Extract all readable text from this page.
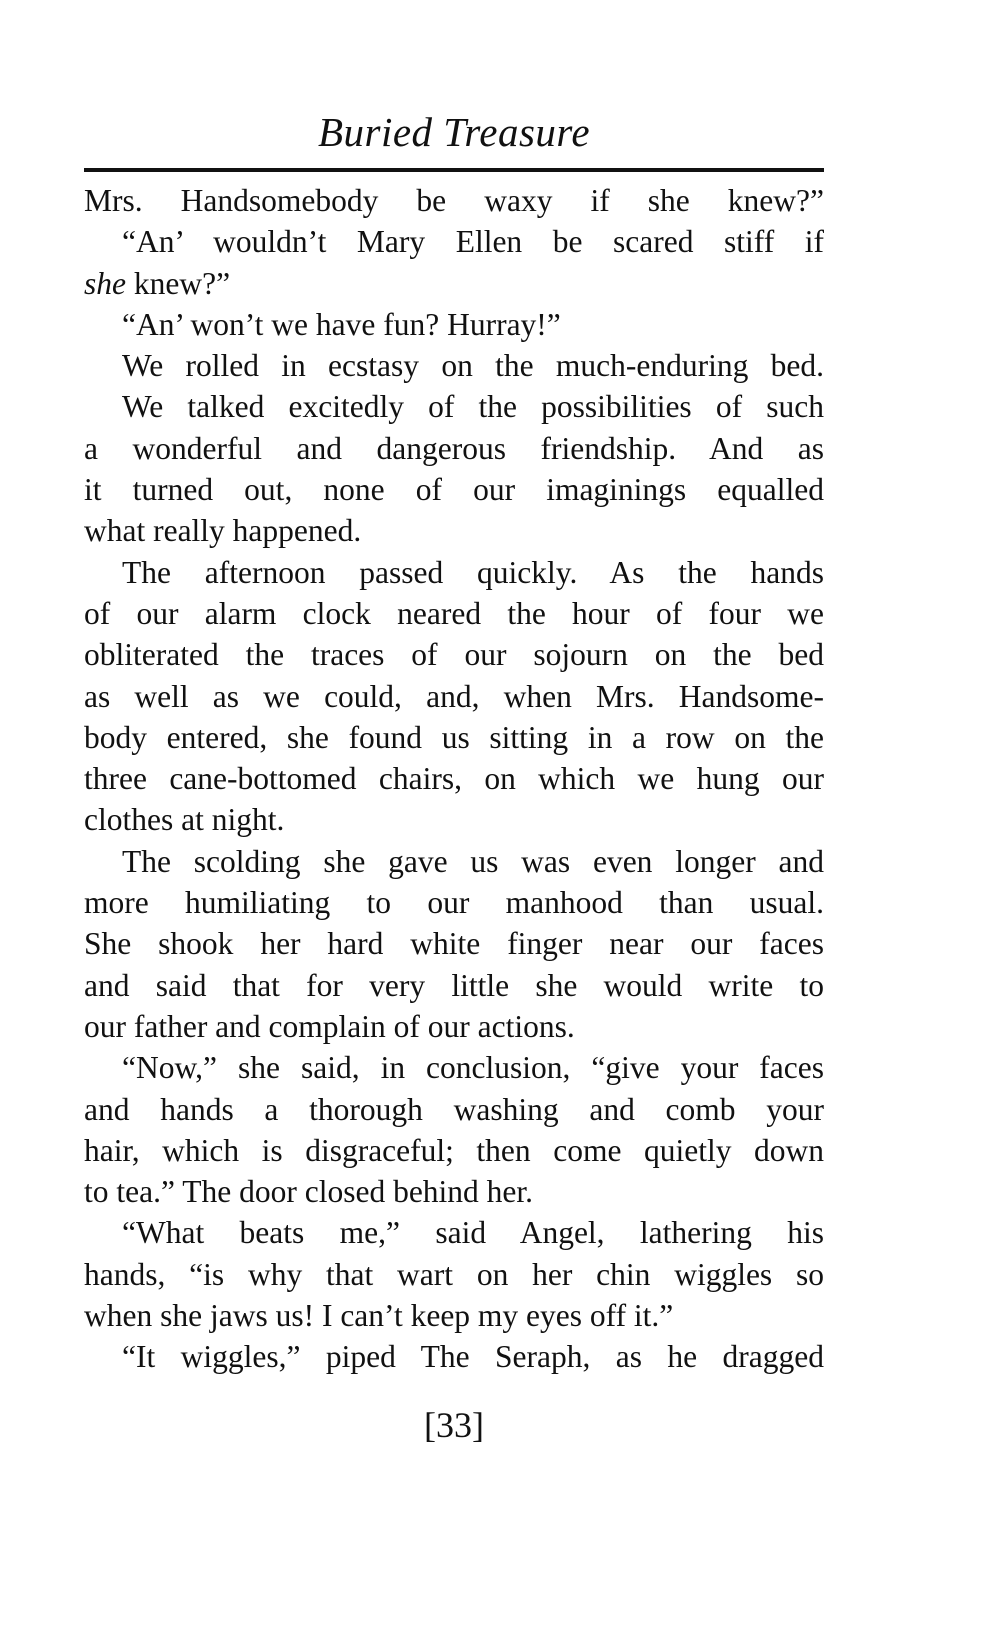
Buried Treasure
Mrs. Handsomebody be waxy if she knew?”
“An’ wouldn’t Mary Ellen be scared stiff if
she knew?”
“An’ won’t we have fun? Hurray!”
We rolled in ecstasy on the much-enduring bed.
We talked excitedly of the possibilities of such
a wonderful and dangerous friendship. And as
it turned out, none of our imaginings equalled
what really happened.
The afternoon passed quickly. As the hands
of our alarm clock neared the hour of four we
obliterated the traces of our sojourn on the bed
as well as we could, and, when Mrs. Handsome-
body entered, she found us sitting in a row on the
three cane-bottomed chairs, on which we hung our
clothes at night.
The scolding she gave us was even longer and
more humiliating to our manhood than usual.
She shook her hard white finger near our faces
and said that for very little she would write to
our father and complain of our actions.
“Now,” she said, in conclusion, “give your faces
and hands a thorough washing and comb your
hair, which is disgraceful; then come quietly down
to tea.” The door closed behind her.
“What beats me,” said Angel, lathering his
hands, “is why that wart on her chin wiggles so
when she jaws us! I can’t keep my eyes off it.”
“It wiggles,” piped The Seraph, as he dragged
[33]
